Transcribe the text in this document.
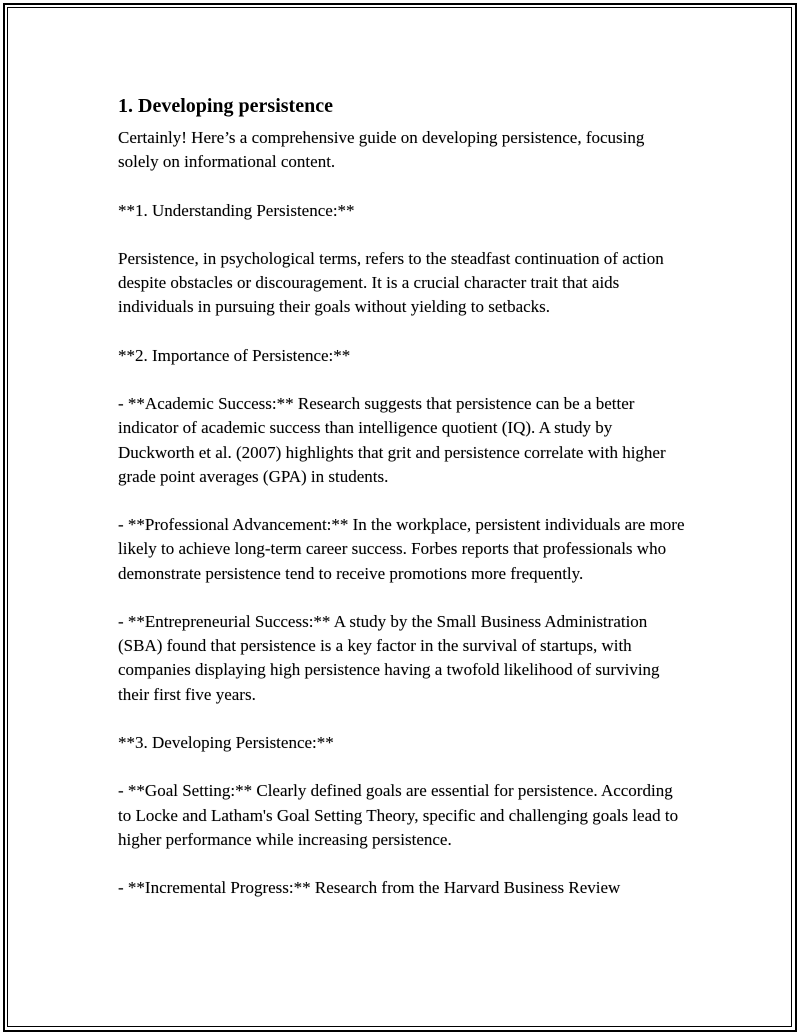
1. Developing persistence

Certainly! Here’s a comprehensive guide on developing persistence, focusing solely on informational content.

**1. Understanding Persistence:**

Persistence, in psychological terms, refers to the steadfast continuation of action despite obstacles or discouragement. It is a crucial character trait that aids individuals in pursuing their goals without yielding to setbacks.

**2. Importance of Persistence:**

- **Academic Success:** Research suggests that persistence can be a better indicator of academic success than intelligence quotient (IQ). A study by Duckworth et al. (2007) highlights that grit and persistence correlate with higher grade point averages (GPA) in students.

- **Professional Advancement:** In the workplace, persistent individuals are more likely to achieve long-term career success. Forbes reports that professionals who demonstrate persistence tend to receive promotions more frequently.

- **Entrepreneurial Success:** A study by the Small Business Administration (SBA) found that persistence is a key factor in the survival of startups, with companies displaying high persistence having a twofold likelihood of surviving their first five years.

**3. Developing Persistence:**

- **Goal Setting:** Clearly defined goals are essential for persistence. According to Locke and Latham's Goal Setting Theory, specific and challenging goals lead to higher performance while increasing persistence.

- **Incremental Progress:** Research from the Harvard Business Review
